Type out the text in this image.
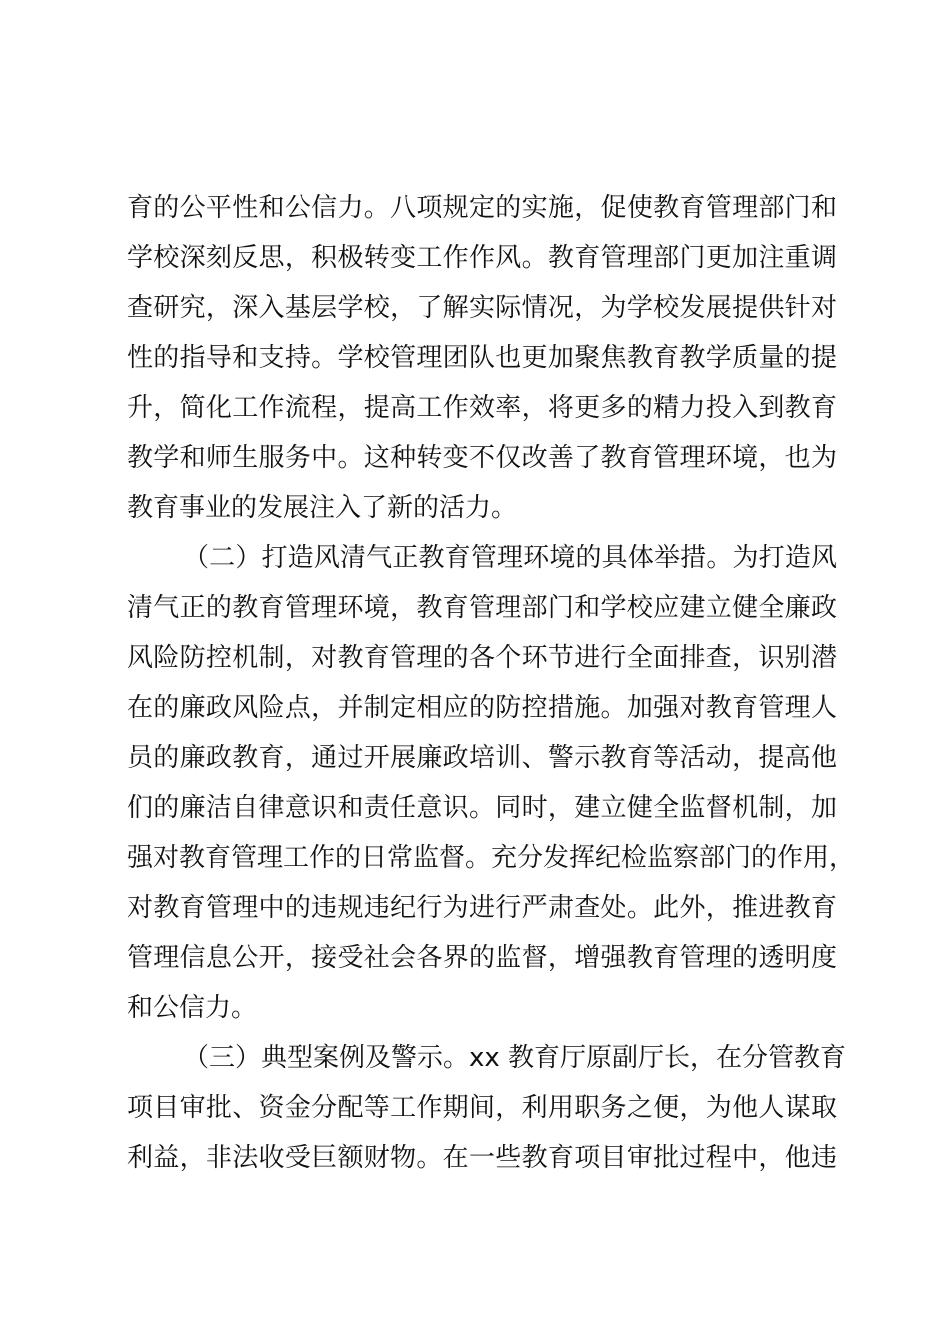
育的公平性和公信力。八项规定的实施，促使教育管理部门和
学校深刻反思，积极转变工作作风。教育管理部门更加注重调
查研究，深入基层学校，了解实际情况，为学校发展提供针对
性的指导和支持。学校管理团队也更加聚焦教育教学质量的提
升，简化工作流程，提高工作效率，将更多的精力投入到教育
教学和师生服务中。这种转变不仅改善了教育管理环境，也为
教育事业的发展注入了新的活力。
（二）打造风清气正教育管理环境的具体举措。为打造风
清气正的教育管理环境，教育管理部门和学校应建立健全廉政
风险防控机制，对教育管理的各个环节进行全面排查，识别潜
在的廉政风险点，并制定相应的防控措施。加强对教育管理人
员的廉政教育，通过开展廉政培训、警示教育等活动，提高他
们的廉洁自律意识和责任意识。同时，建立健全监督机制，加
强对教育管理工作的日常监督。充分发挥纪检监察部门的作用，
对教育管理中的违规违纪行为进行严肃查处。此外，推进教育
管理信息公开，接受社会各界的监督，增强教育管理的透明度
和公信力。
（三）典型案例及警示。xx 教育厅原副厅长，在分管教育
项目审批、资金分配等工作期间，利用职务之便，为他人谋取
利益，非法收受巨额财物。在一些教育项目审批过程中，他违
